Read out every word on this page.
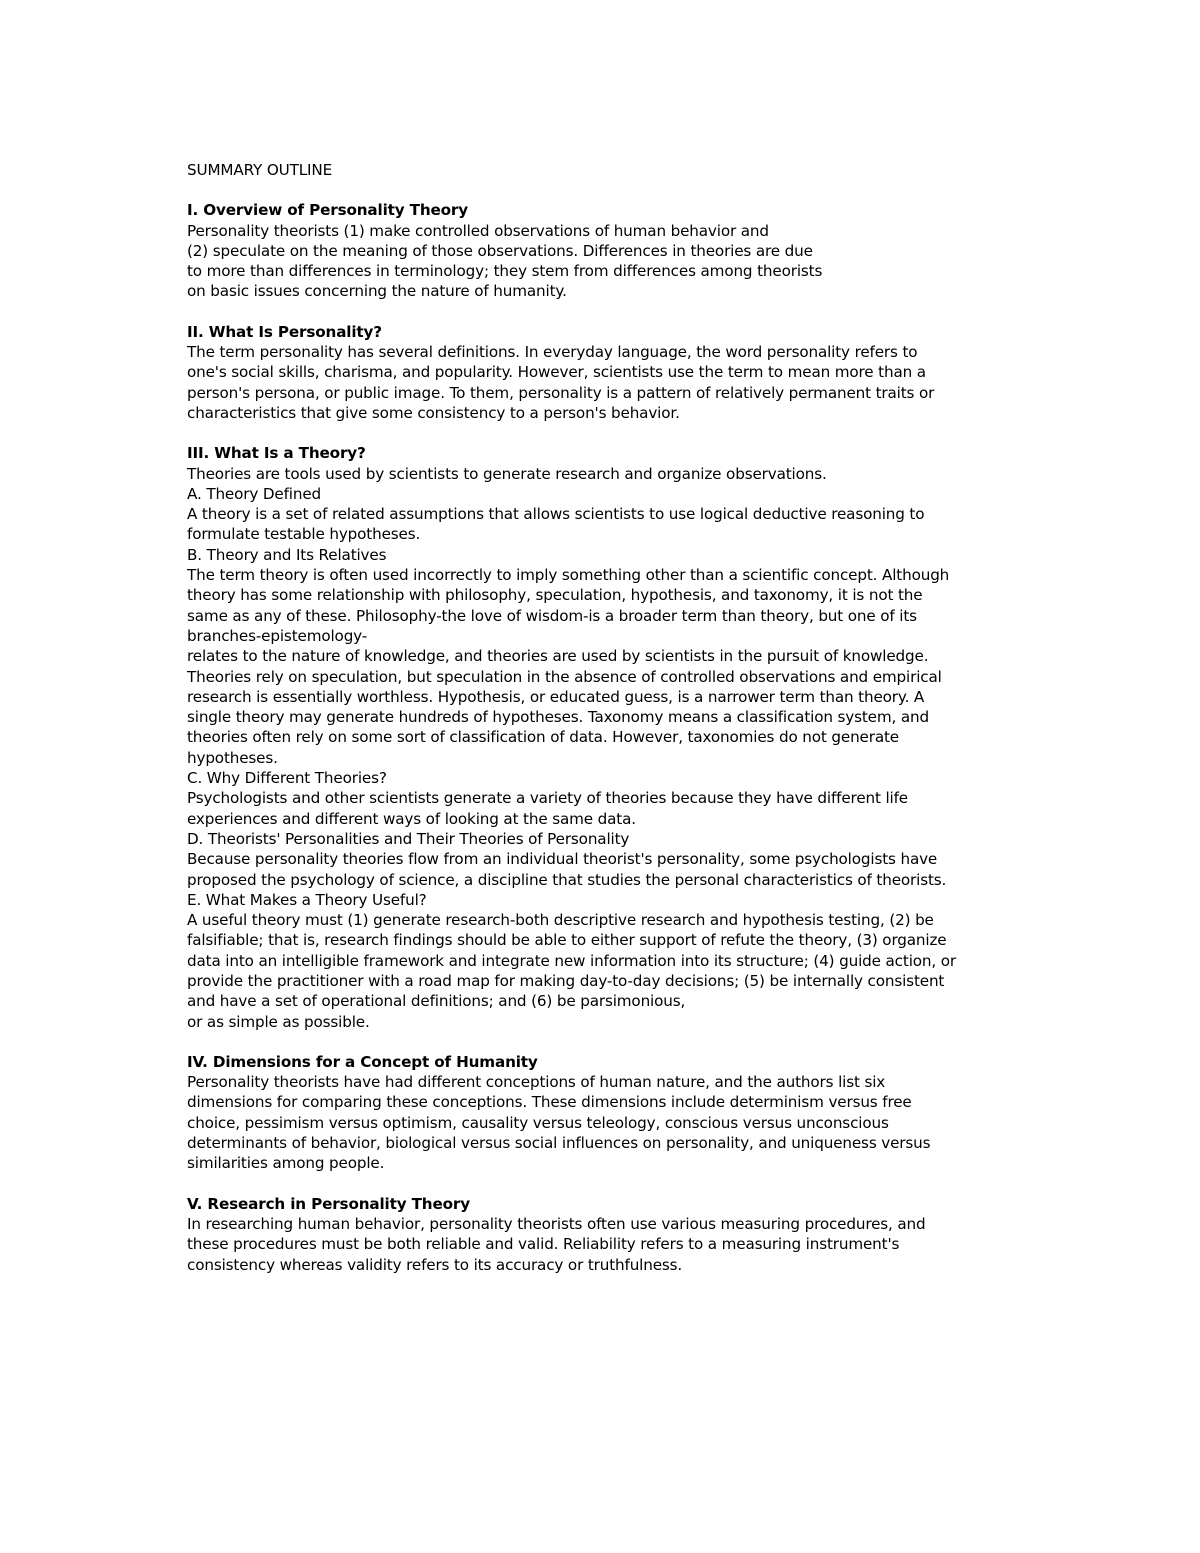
SUMMARY OUTLINE
I. Overview of Personality Theory
Personality theorists (1) make controlled observations of human behavior and
(2) speculate on the meaning of those observations. Differences in theories are due
to more than differences in terminology; they stem from differences among theorists
on basic issues concerning the nature of humanity.
II. What Is Personality?
The term personality has several definitions. In everyday language, the word personality refers to
one's social skills, charisma, and popularity. However, scientists use the term to mean more than a
person's persona, or public image. To them, personality is a pattern of relatively permanent traits or
characteristics that give some consistency to a person's behavior.
III. What Is a Theory?
Theories are tools used by scientists to generate research and organize observations.
A. Theory Defined
A theory is a set of related assumptions that allows scientists to use logical deductive reasoning to
formulate testable hypotheses.
B. Theory and Its Relatives
The term theory is often used incorrectly to imply something other than a scientific concept. Although
theory has some relationship with philosophy, speculation, hypothesis, and taxonomy, it is not the
same as any of these. Philosophy-the love of wisdom-is a broader term than theory, but one of its
branches-epistemology-
relates to the nature of knowledge, and theories are used by scientists in the pursuit of knowledge.
Theories rely on speculation, but speculation in the absence of controlled observations and empirical
research is essentially worthless. Hypothesis, or educated guess, is a narrower term than theory. A
single theory may generate hundreds of hypotheses. Taxonomy means a classification system, and
theories often rely on some sort of classification of data. However, taxonomies do not generate
hypotheses.
C. Why Different Theories?
Psychologists and other scientists generate a variety of theories because they have different life
experiences and different ways of looking at the same data.
D. Theorists' Personalities and Their Theories of Personality
Because personality theories flow from an individual theorist's personality, some psychologists have
proposed the psychology of science, a discipline that studies the personal characteristics of theorists.
E. What Makes a Theory Useful?
A useful theory must (1) generate research-both descriptive research and hypothesis testing, (2) be
falsifiable; that is, research findings should be able to either support of refute the theory, (3) organize
data into an intelligible framework and integrate new information into its structure; (4) guide action, or
provide the practitioner with a road map for making day-to-day decisions; (5) be internally consistent
and have a set of operational definitions; and (6) be parsimonious,
or as simple as possible.
IV. Dimensions for a Concept of Humanity
Personality theorists have had different conceptions of human nature, and the authors list six
dimensions for comparing these conceptions. These dimensions include determinism versus free
choice, pessimism versus optimism, causality versus teleology, conscious versus unconscious
determinants of behavior, biological versus social influences on personality, and uniqueness versus
similarities among people.
V. Research in Personality Theory
In researching human behavior, personality theorists often use various measuring procedures, and
these procedures must be both reliable and valid. Reliability refers to a measuring instrument's
consistency whereas validity refers to its accuracy or truthfulness.
